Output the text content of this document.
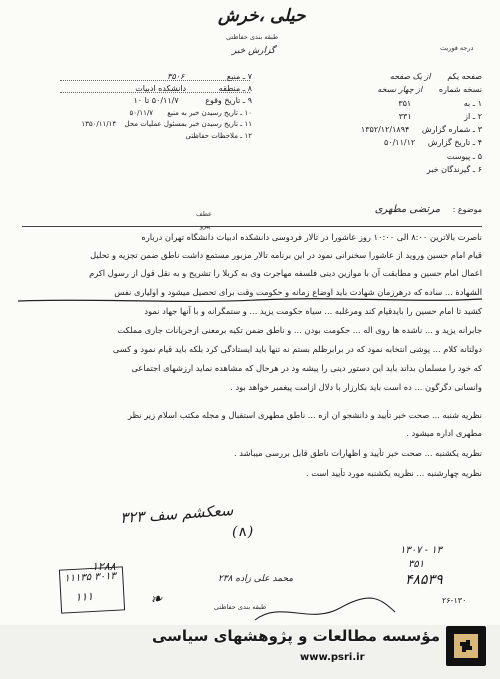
حیلی ،خرش
طبقه بندی حفاظتی
گزارش خبر	درجه فوریت
۷ ـ منبع ۳۵۰۶
۸ ـ منطقه دانشکده ادبیات
۹ ـ تاریخ وقوع ۵۰/۱۱/۷ تا ۱۰
۱۰ ـ تاریخ رسیدن خبر به منبع ۵۰/۱۱/۷
۱۱ ـ تاریخ رسیدن خبر بمسئول عملیات محل ۱۳۵۰/۱۱/۱۴
۱۲ ـ ملاحظات حفاظتی
صفحه یکم از یک صفحه
نسخه شماره از چهار نسخه
۱ ـ به ۳۵۱
۲ ـ از ۳۳۱
۳ ـ شماره گزارش ۱۳۵۲/۱۲/۱۸۹۴
۴ ـ تاریخ گزارش ۵۰/۱۱/۱۲
۵ ـ پیوست
۶ ـ گیرندگان خبر
موضوع : مرتضی مطهری
عطف
پیرو
ناصرت بالاترین ۸:۰۰ الی ۱۰:۰۰ روز عاشورا در تالار فردوسی دانشکده ادبیات دانشگاه تهران درباره
قیام امام حسین وروید از عاشورا سخنرانی نمود در این برنامه تالار مزبور مستمع داشت ناطق ضمن تجزیه و تحلیل
اعمال امام حسین و مطابقت آن با موازین دینی فلسفه مهاجرت وی به کربلا را تشریح و به نقل قول از رسول اکرم
الشهادة ... ساده که درهرزمان شهادت باید اوضاع زمانه و حکومت وقت برای تحصیل میشود و اولیاری نفس
کشید تا امام حسین را بایدقیام کند ومرغلبه ... سیاه حکومت یزید ... و ستمگرانه و با آنها جهاد نمود
جابرانه یزید و ... ناشده ها روی اله ... حکومت بودن ... و ناطق ضمن تکیه برمعنی ازجریانات جاری مملکت
دولتانه کلام ... پوشی انتخابه نمود که در برابرظلم بستم نه تنها باید ایستادگی کرد بلکه باید قیام نمود و کسی
که خود را مسلمان بداند باید این دستور دینی را پیشه ود در هرحال که مشاهده نماید ارزشهای اجتماعی
وانسانی دگرگون ... ده است باید بکارزار با دلال ازامت پیغمبر خواهد بود .
نظریه شنبه ... صحت خبر تأیید و دانشجو ان ازه ... ناطق مطهری استقبال و مجله مکتب اسلام زیر نظر
مطهری اداره میشود .
نظریه یکشنبه ... صحت خبر تأیید و اظهارات ناطق قابل بررسی میباشد .
نظریه چهارشنبه ... نظریه یکشنبه مورد تأیید است .
۳۲۳ سعکشم سف
۱۳۰۷ - ۱۳
۳۵۱
۱۲۸۸
(∧)
۱۱۱۳۵ ۳۰۱۳
۱۱۱	❧
محمد علی زاده ۲۳۸	۴۸۵۳۹
۲۶-۱۳۰
طبقه بندی حفاظتی
مؤسسه مطالعات و پژوهشهای سیاسی
www.psri.ir
